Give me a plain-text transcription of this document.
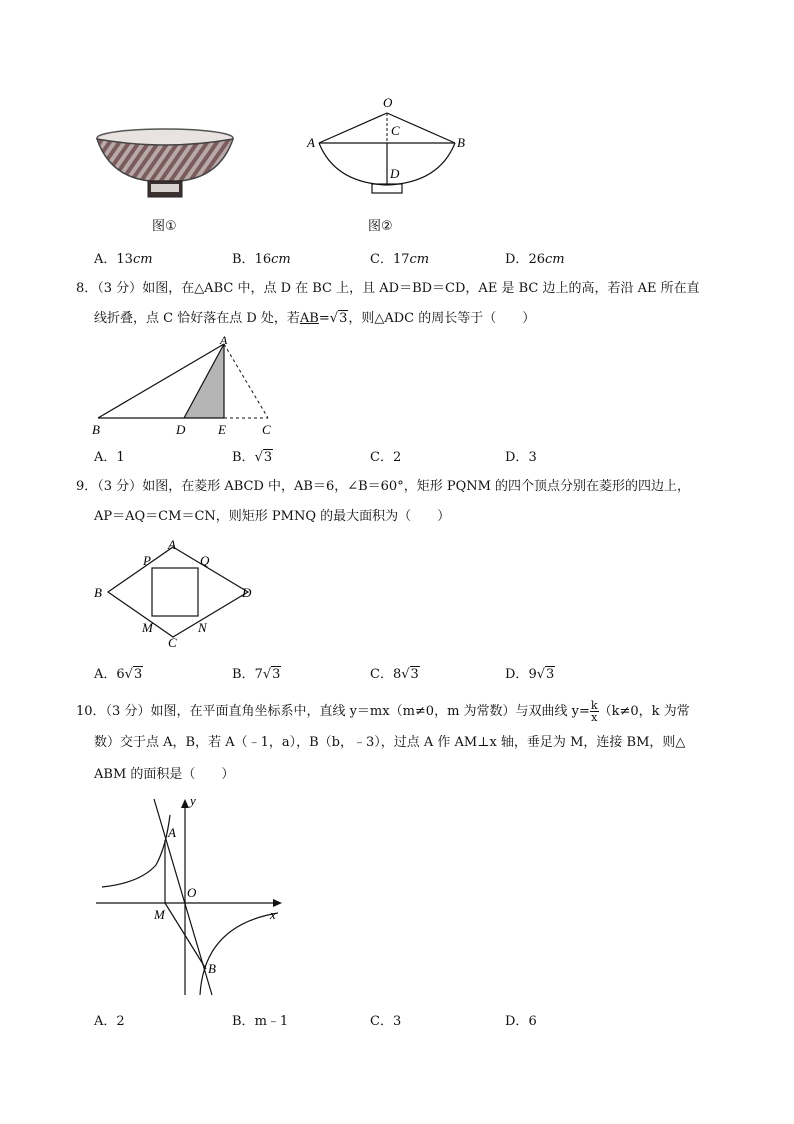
图①
O
C
A	B
D
图②
A．13cm	B．16cm	C．17cm	D．26cm
8．（3 分）如图，在△ABC 中，点 D 在 BC 上，且 AD＝BD＝CD，AE 是 BC 边上的高，若沿 AE 所在直
线折叠，点 C 恰好落在点 D 处，若AB=√3，则△ADC 的周长等于（　　）
A
B	D	E	C
A．1	B．√3	C．2	D．3
9．（3 分）如图，在菱形 ABCD 中，AB＝6，∠B＝60°，矩形 PQNM 的四个顶点分别在菱形的四边上，
AP＝AQ＝CM＝CN，则矩形 PMNQ 的最大面积为（　　）
A
P	Q
B	D
M	N
C
A．6√3	B．7√3	C．8√3	D．9√3
10．（3 分）如图，在平面直角坐标系中，直线 y＝mx（m≠0，m 为常数）与双曲线 $y= \frac{k}{x} (k\ne 0$，k 为常
数）交于点 A，B，若 A（﹣1，a），B（b，﹣3），过点 A 作 AM⊥x 轴，垂足为 M，连接 BM，则△
ABM 的面积是（　　）
y
A
O
M	x
B
A．2	B．m﹣1	C．3	D．6
